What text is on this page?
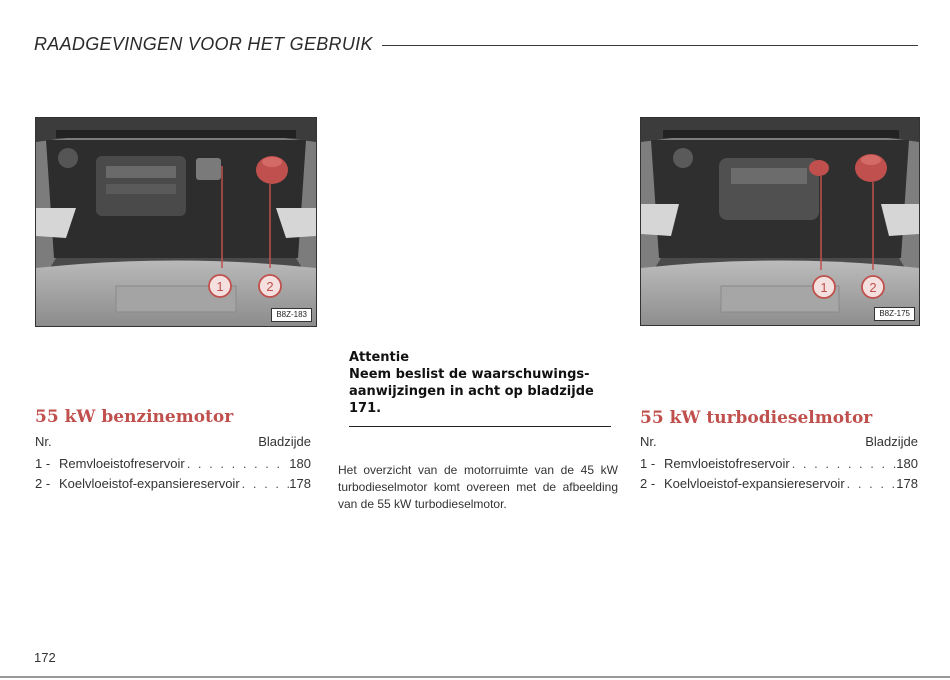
RAADGEVINGEN VOOR HET GEBRUIK
1	2
B8Z-183
1	2
B8Z-175
55 kW benzinemotor
Nr.	Bladzijde
1 - Remvloeistofreservoir . . .	180
2 - Koelvloeistof-expansiereservoir . . .	178
Attentie
Neem beslist de waarschuwings-
aanwijzingen in acht op bladzijde
171.
Het overzicht van de motorruimte van de 45 kW turbodieselmotor komt overeen met de afbeelding van de 55 kW turbodieselmotor.
55 kW turbodieselmotor
Nr.	Bladzijde
1 - Remvloeistofreservoir . . .	180
2 - Koelvloeistof-expansiereservoir . . .	178
172
